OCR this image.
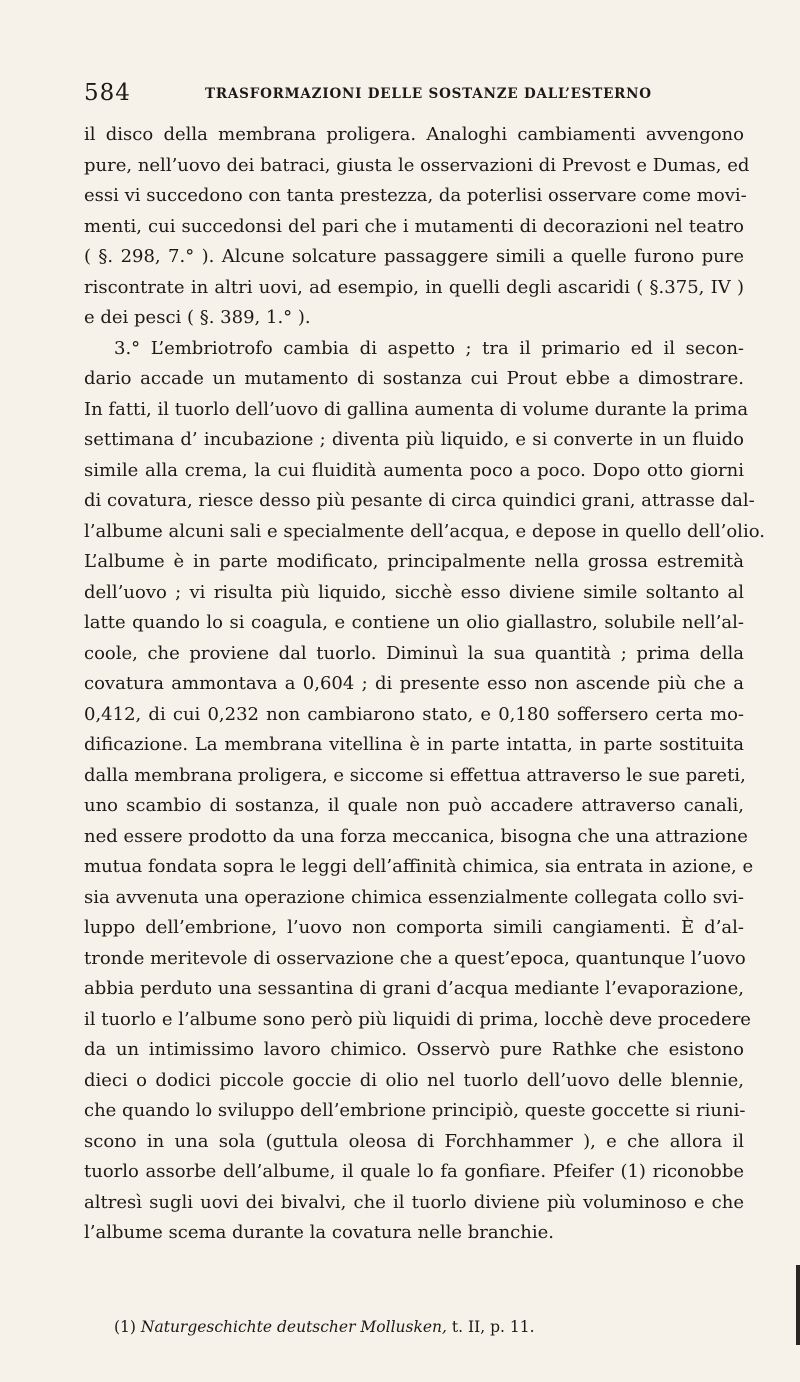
584	TRASFORMAZIONI DELLE SOSTANZE DALL’ESTERNO
il disco della membrana proligera. Analoghi cambiamenti avvengono
pure, nell’uovo dei batraci, giusta le osservazioni di Prevost e Dumas, ed
essi vi succedono con tanta prestezza, da poterlisi osservare come movi-
menti, cui succedonsi del pari che i mutamenti di decorazioni nel teatro
( §. 298, 7.° ). Alcune solcature passaggere simili a quelle furono pure
riscontrate in altri uovi, ad esempio, in quelli degli ascaridi ( §.375, IV )
e dei pesci ( §. 389, 1.° ).
3.° L’embriotrofo cambia di aspetto ; tra il primario ed il secon-
dario accade un mutamento di sostanza cui Prout ebbe a dimostrare.
In fatti, il tuorlo dell’uovo di gallina aumenta di volume durante la prima
settimana d’ incubazione ; diventa più liquido, e si converte in un fluido
simile alla crema, la cui fluidità aumenta poco a poco. Dopo otto giorni
di covatura, riesce desso più pesante di circa quindici grani, attrasse dal-
l’albume alcuni sali e specialmente dell’acqua, e depose in quello dell’olio.
L’albume è in parte modificato, principalmente nella grossa estremità
dell’uovo ; vi risulta più liquido, sicchè esso diviene simile soltanto al
latte quando lo si coagula, e contiene un olio giallastro, solubile nell’al-
coole, che proviene dal tuorlo. Diminuì la sua quantità ; prima della
covatura ammontava a 0,604 ; di presente esso non ascende più che a
0,412, di cui 0,232 non cambiarono stato, e 0,180 soffersero certa mo-
dificazione. La membrana vitellina è in parte intatta, in parte sostituita
dalla membrana proligera, e siccome si effettua attraverso le sue pareti,
uno scambio di sostanza, il quale non può accadere attraverso canali,
ned essere prodotto da una forza meccanica, bisogna che una attrazione
mutua fondata sopra le leggi dell’affinità chimica, sia entrata in azione, e
sia avvenuta una operazione chimica essenzialmente collegata collo svi-
luppo dell’embrione, l’uovo non comporta simili cangiamenti. È d’al-
tronde meritevole di osservazione che a quest’epoca, quantunque l’uovo
abbia perduto una sessantina di grani d’acqua mediante l’evaporazione,
il tuorlo e l’albume sono però più liquidi di prima, locchè deve procedere
da un intimissimo lavoro chimico. Osservò pure Rathke che esistono
dieci o dodici piccole goccie di olio nel tuorlo dell’uovo delle blennie,
che quando lo sviluppo dell’embrione principiò, queste goccette si riuni-
scono in una sola (guttula oleosa di Forchhammer ), e che allora il
tuorlo assorbe dell’albume, il quale lo fa gonfiare. Pfeifer (1) riconobbe
altresì sugli uovi dei bivalvi, che il tuorlo diviene più voluminoso e che
l’albume scema durante la covatura nelle branchie.
(1) Naturgeschichte deutscher Mollusken, t. II, p. 11.
